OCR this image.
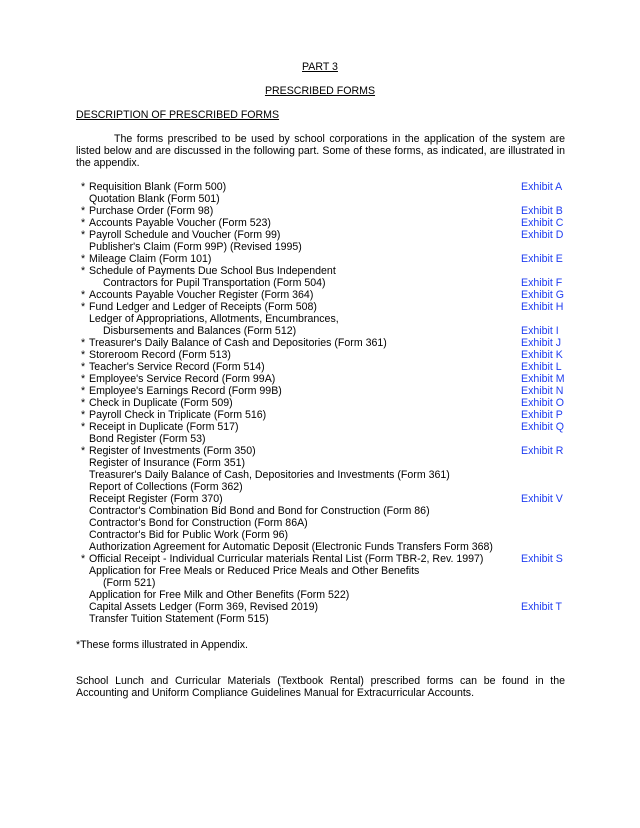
PART 3
PRESCRIBED FORMS
DESCRIPTION OF PRESCRIBED FORMS

The forms prescribed to be used by school corporations in the application of the system are listed below and are discussed in the following part. Some of these forms, as indicated, are illustrated in the appendix.

* Requisition Blank (Form 500)	Exhibit A
Quotation Blank (Form 501)
* Purchase Order (Form 98)	Exhibit B
* Accounts Payable Voucher (Form 523)	Exhibit C
* Payroll Schedule and Voucher (Form 99)	Exhibit D
Publisher's Claim (Form 99P) (Revised 1995)
* Mileage Claim (Form 101)	Exhibit E
* Schedule of Payments Due School Bus Independent
Contractors for Pupil Transportation (Form 504)	Exhibit F
* Accounts Payable Voucher Register (Form 364)	Exhibit G
* Fund Ledger and Ledger of Receipts (Form 508)	Exhibit H
Ledger of Appropriations, Allotments, Encumbrances,
Disbursements and Balances (Form 512)	Exhibit I
* Treasurer's Daily Balance of Cash and Depositories (Form 361)	Exhibit J
* Storeroom Record (Form 513)	Exhibit K
* Teacher's Service Record (Form 514)	Exhibit L
* Employee's Service Record (Form 99A)	Exhibit M
* Employee's Earnings Record (Form 99B)	Exhibit N
* Check in Duplicate (Form 509)	Exhibit O
* Payroll Check in Triplicate (Form 516)	Exhibit P
* Receipt in Duplicate (Form 517)	Exhibit Q
Bond Register (Form 53)
* Register of Investments (Form 350)	Exhibit R
Register of Insurance (Form 351)
Treasurer's Daily Balance of Cash, Depositories and Investments (Form 361)
Report of Collections (Form 362)
Receipt Register (Form 370)	Exhibit V
Contractor's Combination Bid Bond and Bond for Construction (Form 86)
Contractor's Bond for Construction (Form 86A)
Contractor's Bid for Public Work (Form 96)
Authorization Agreement for Automatic Deposit (Electronic Funds Transfers Form 368)
* Official Receipt - Individual Curricular materials Rental List (Form TBR-2, Rev. 1997)	Exhibit S
Application for Free Meals or Reduced Price Meals and Other Benefits
(Form 521)
Application for Free Milk and Other Benefits (Form 522)
Capital Assets Ledger (Form 369, Revised 2019)	Exhibit T
Transfer Tuition Statement (Form 515)
*These forms illustrated in Appendix.

School Lunch and Curricular Materials (Textbook Rental) prescribed forms can be found in the Accounting and Uniform Compliance Guidelines Manual for Extracurricular Accounts.
